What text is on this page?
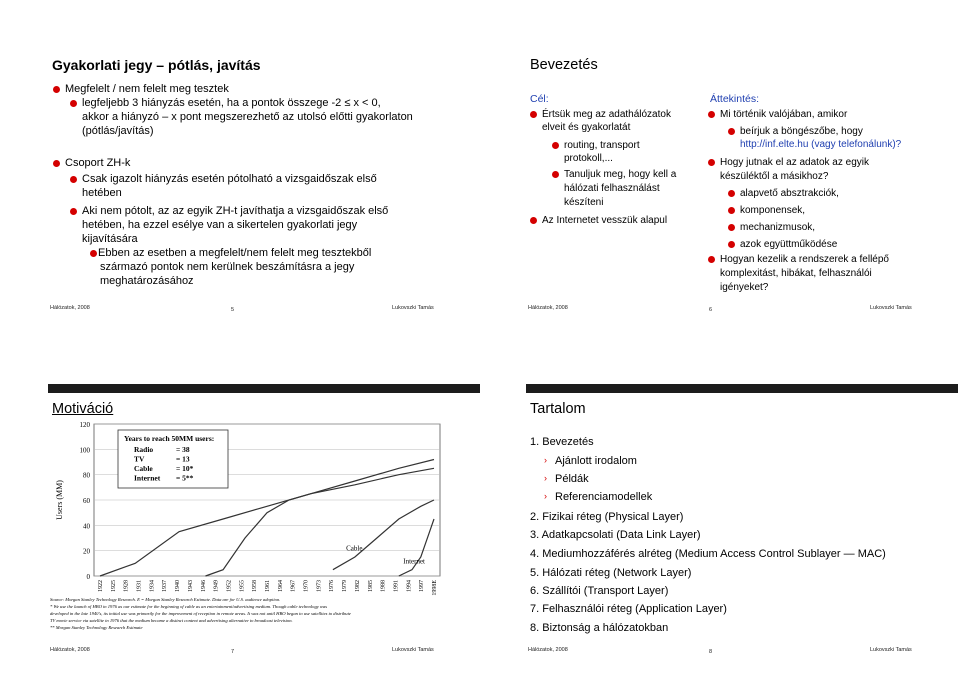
Gyakorlati jegy – pótlás, javítás
Megfelelt / nem felelt meg tesztek
legfeljebb 3 hiányzás esetén, ha a pontok összege -2 ≤ x < 0,
akkor a hiányzó – x pont megszerezhető az utolsó előtti gyakorlaton
(pótlás/javítás)
Csoport ZH-k
Csak igazolt hiányzás esetén pótolható a vizsgaidőszak első
hetében
Aki nem pótolt, az az egyik ZH-t javíthatja a vizsgaidőszak első
hetében, ha ezzel esélye van a sikertelen gyakorlati jegy
kijavítására
Ebben az esetben a megfelelt/nem felelt meg tesztekből
származó pontok nem kerülnek beszámításra a jegy
meghatározásához
Hálózatok, 2008	5	Lukovszki Tamás
Bevezetés
Cél:
Értsük meg az adathálózatok
elveit és gyakorlatát
routing, transport
protokoll,...
Tanuljuk meg, hogy kell a
hálózati felhasználást
készíteni
Az Internetet vesszük alapul
Áttekintés:
Mi történik valójában, amikor
beírjuk a böngészőbe, hogy
http://inf.elte.hu (vagy telefonálunk)?
Hogy jutnak el az adatok az egyik
készüléktől a másikhoz?
alapvető absztrakciók,
komponensek,
mechanizmusok,
azok együttműködése
Hogyan kezelik a rendszerek a fellépő
komplexitást, hibákat, felhasználói
igényeket?
Hálózatok, 2008	6	Lukovszki Tamás
Motiváció
120
100
80
60
40
20
0
Users (MM)
1922 1925 1928 1931 1934 1937 1940 1943 1946 1949 1952 1955 1958 1961 1964 1967 1970 1973 1976 1979 1982 1985 1988 1991 1994 1997 1998E
Cable
Internet
Years to reach 50MM users:
Radio	= 38
TV	= 13
Cable	= 10*
Internet = 5**
Source: Morgan Stanley Technology Research. E = Morgan Stanley Research Estimate. Data are for U.S. audience adoption.
* We use the launch of HBO in 1976 as our estimate for the beginning of cable as an entertainment/advertising medium. Though cable technology was
developed in the late 1940's, its initial use was primarily for the improvement of reception in remote areas. It was not until HBO began to use satellites to distribute
TV movie service via satellite in 1976 that the medium became a distinct content and advertising alternative to broadcast television.
** Morgan Stanley Technology Research Estimate
Hálózatok, 2008	7	Lukovszki Tamás
Tartalom
1. Bevezetés
› Ajánlott irodalom
› Példák
› Referenciamodellek
2. Fizikai réteg (Physical Layer)
3. Adatkapcsolati (Data Link Layer)
4. Mediumhozzáférés alréteg (Medium Access Control Sublayer — MAC)
5. Hálózati réteg (Network Layer)
6. Szállítói (Transport Layer)
7. Felhasználói réteg (Application Layer)
8. Biztonság a hálózatokban
Hálózatok, 2008	8	Lukovszki Tamás
